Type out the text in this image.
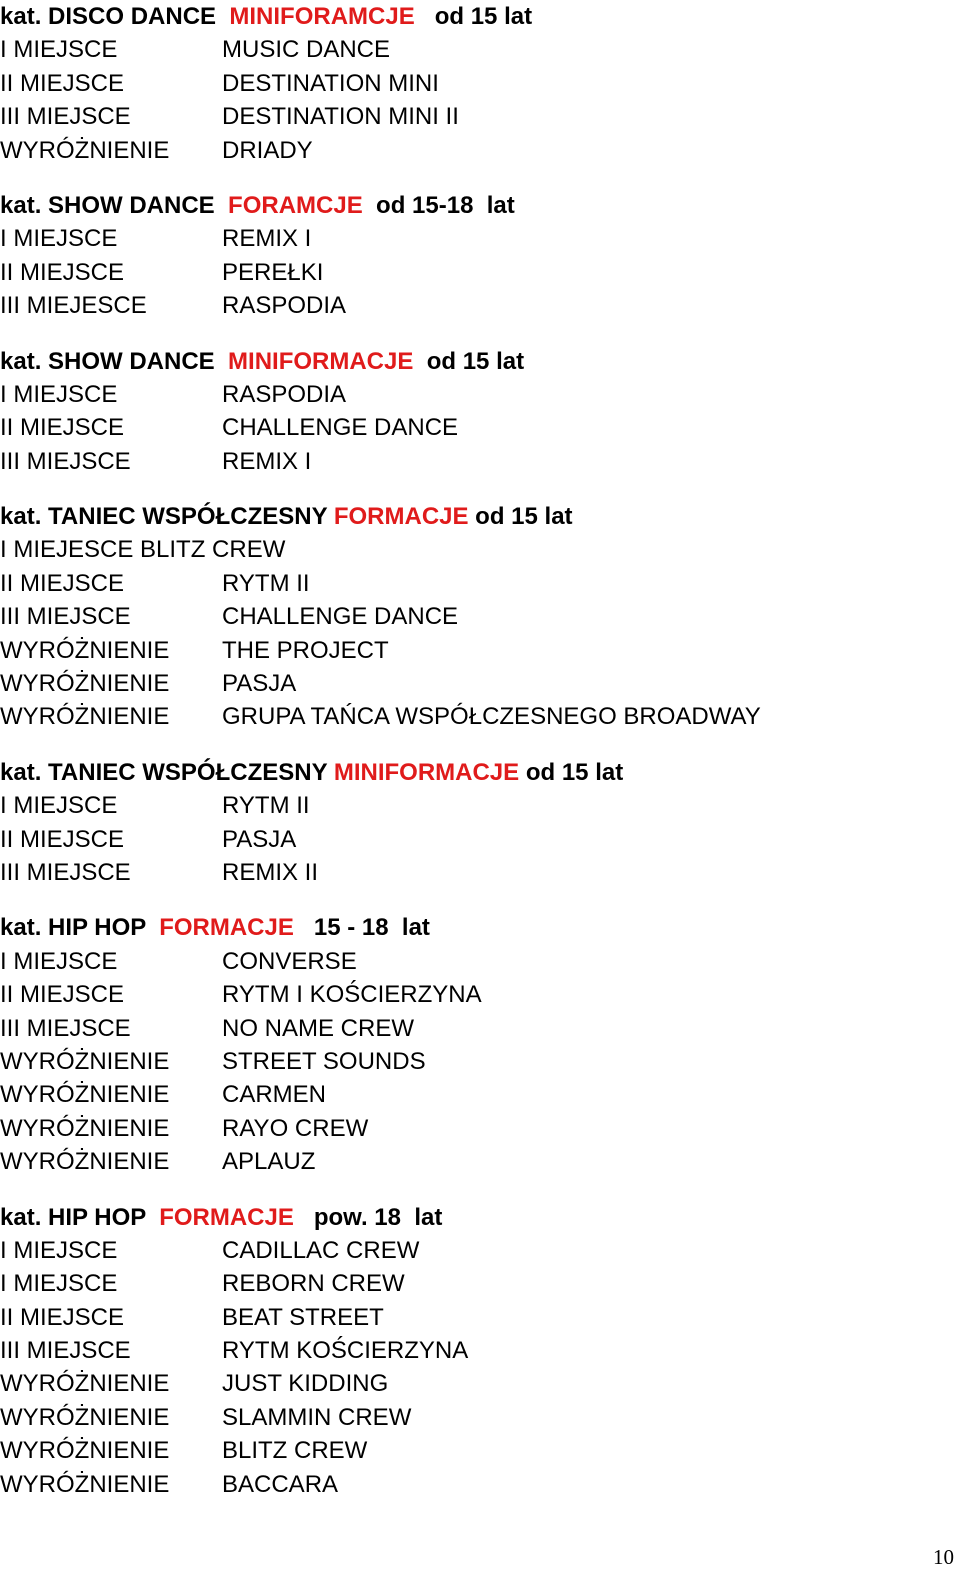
kat. DISCO DANCE  MINIFORAMCJE   od 15 lat
I MIEJSCE	MUSIC DANCE
II MIEJSCE	DESTINATION MINI
III MIEJSCE	DESTINATION MINI II
WYRÓŻNIENIE	DRIADY
kat. SHOW DANCE  FORAMCJE  od 15-18  lat
I MIEJSCE	REMIX I
II MIEJSCE	PEREŁKI
III MIEJESCE	RASPODIA
kat. SHOW DANCE  MINIFORMACJE  od 15 lat
I MIEJSCE	RASPODIA
II MIEJSCE	CHALLENGE DANCE
III MIEJSCE	REMIX I
kat. TANIEC WSPÓŁCZESNY FORMACJE od 15 lat
I MIEJESCE BLITZ CREW
II MIEJSCE	RYTM II
III MIEJSCE	CHALLENGE DANCE
WYRÓŻNIENIE	THE PROJECT
WYRÓŻNIENIE	PASJA
WYRÓŻNIENIE	GRUPA TAŃCA WSPÓŁCZESNEGO BROADWAY
kat. TANIEC WSPÓŁCZESNY MINIFORMACJE od 15 lat
I MIEJSCE	RYTM II
II MIEJSCE	PASJA
III MIEJSCE	REMIX II
kat. HIP HOP  FORMACJE   15 - 18  lat
I MIEJSCE	CONVERSE
II MIEJSCE	RYTM I KOŚCIERZYNA
III MIEJSCE	NO NAME CREW
WYRÓŻNIENIE	STREET SOUNDS
WYRÓŻNIENIE	CARMEN
WYRÓŻNIENIE	RAYO CREW
WYRÓŻNIENIE	APLAUZ
kat. HIP HOP  FORMACJE   pow. 18  lat
I MIEJSCE	CADILLAC CREW
I MIEJSCE	REBORN CREW
II MIEJSCE	BEAT STREET
III MIEJSCE	RYTM KOŚCIERZYNA
WYRÓŻNIENIE	JUST KIDDING
WYRÓŻNIENIE	SLAMMIN CREW
WYRÓŻNIENIE	BLITZ CREW
WYRÓŻNIENIE	BACCARA
10
